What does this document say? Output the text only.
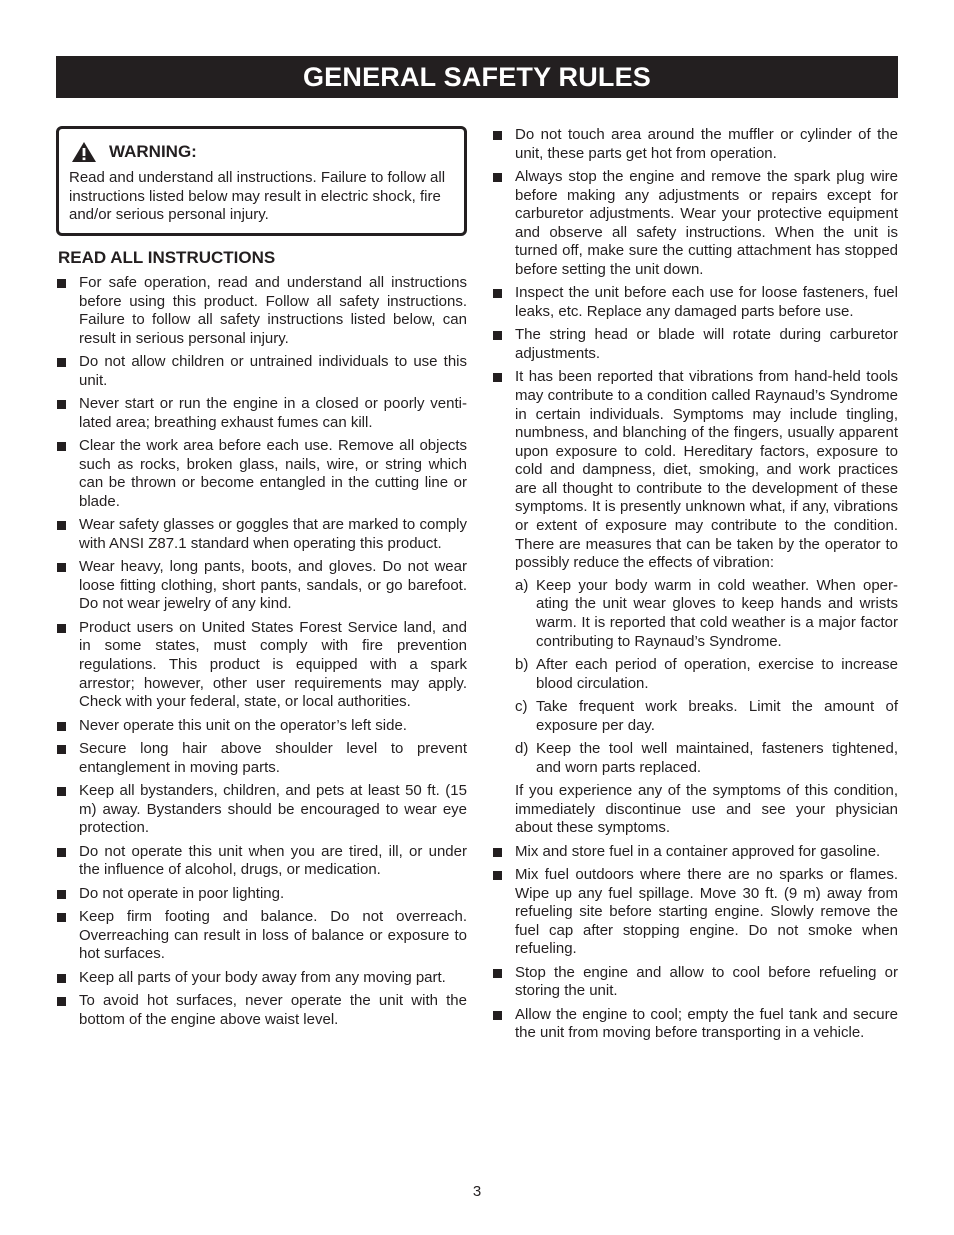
GENERAL SAFETY RULES
WARNING:
Read and understand all instructions. Failure to follow all instructions listed below may result in electric shock, fire and/or serious personal injury.
READ ALL INSTRUCTIONS
For safe operation, read and understand all instructions before using this product. Follow all safety instructions. Failure to follow all safety instructions listed below, can result in serious personal injury.
Do not allow children or untrained individuals to use this unit.
Never start or run the engine in a closed or poorly venti-lated area; breathing exhaust fumes can kill.
Clear the work area before each use. Remove all objects such as rocks, broken glass, nails, wire, or string which can be thrown or become entangled in the cutting line or blade.
Wear safety glasses or goggles that are marked to comply with ANSI Z87.1 standard when operating this product.
Wear heavy, long pants, boots, and gloves. Do not wear loose fitting clothing, short pants, sandals, or go barefoot. Do not wear jewelry of any kind.
Product users on United States Forest Service land, and in some states, must comply with fire prevention regulations. This product is equipped with a spark arrestor; however, other user requirements may apply. Check with your federal, state, or local authorities.
Never operate this unit on the operator’s left side.
Secure long hair above shoulder level to prevent entanglement in moving parts.
Keep all bystanders, children, and pets at least 50 ft. (15 m) away. Bystanders should be encouraged to wear eye protection.
Do not operate this unit when you are tired, ill, or under the influence of alcohol, drugs, or medication.
Do not operate in poor lighting.
Keep firm footing and balance. Do not overreach. Overreaching can result in loss of balance or exposure to hot surfaces.
Keep all parts of your body away from any moving part.
To avoid hot surfaces, never operate the unit with the bottom of the engine above waist level.
Do not touch area around the muffler or cylinder of the unit, these parts get hot from operation.
Always stop the engine and remove the spark plug wire before making any adjustments or repairs except for carburetor adjustments. Wear your protective equipment and observe all safety instructions. When the unit is turned off, make sure the cutting attachment has stopped before setting the unit down.
Inspect the unit before each use for loose fasteners, fuel leaks, etc. Replace any damaged parts before use.
The string head or blade will rotate during carburetor adjustments.
It has been reported that vibrations from hand-held tools may contribute to a condition called Raynaud’s Syndrome in certain individuals. Symptoms may include tingling, numbness, and blanching of the fingers, usually apparent upon exposure to cold. Hereditary factors, exposure to cold and dampness, diet, smoking, and work practices are all thought to contribute to the development of these symptoms. It is presently unknown what, if any, vibrations or extent of exposure may contribute to the condition. There are measures that can be taken by the operator to possibly reduce the effects of vibration:
a) Keep your body warm in cold weather. When oper-ating the unit wear gloves to keep hands and wrists warm. It is reported that cold weather is a major factor contributing to Raynaud’s Syndrome.
b) After each period of operation, exercise to increase blood circulation.
c) Take frequent work breaks. Limit the amount of exposure per day.
d) Keep the tool well maintained, fasteners tightened, and worn parts replaced.
If you experience any of the symptoms of this condition, immediately discontinue use and see your physician about these symptoms.
Mix and store fuel in a container approved for gasoline.
Mix fuel outdoors where there are no sparks or flames. Wipe up any fuel spillage. Move 30 ft. (9 m) away from refueling site before starting engine. Slowly remove the fuel cap after stopping engine. Do not smoke when refueling.
Stop the engine and allow to cool before refueling or storing the unit.
Allow the engine to cool; empty the fuel tank and secure the unit from moving before transporting in a vehicle.
3
